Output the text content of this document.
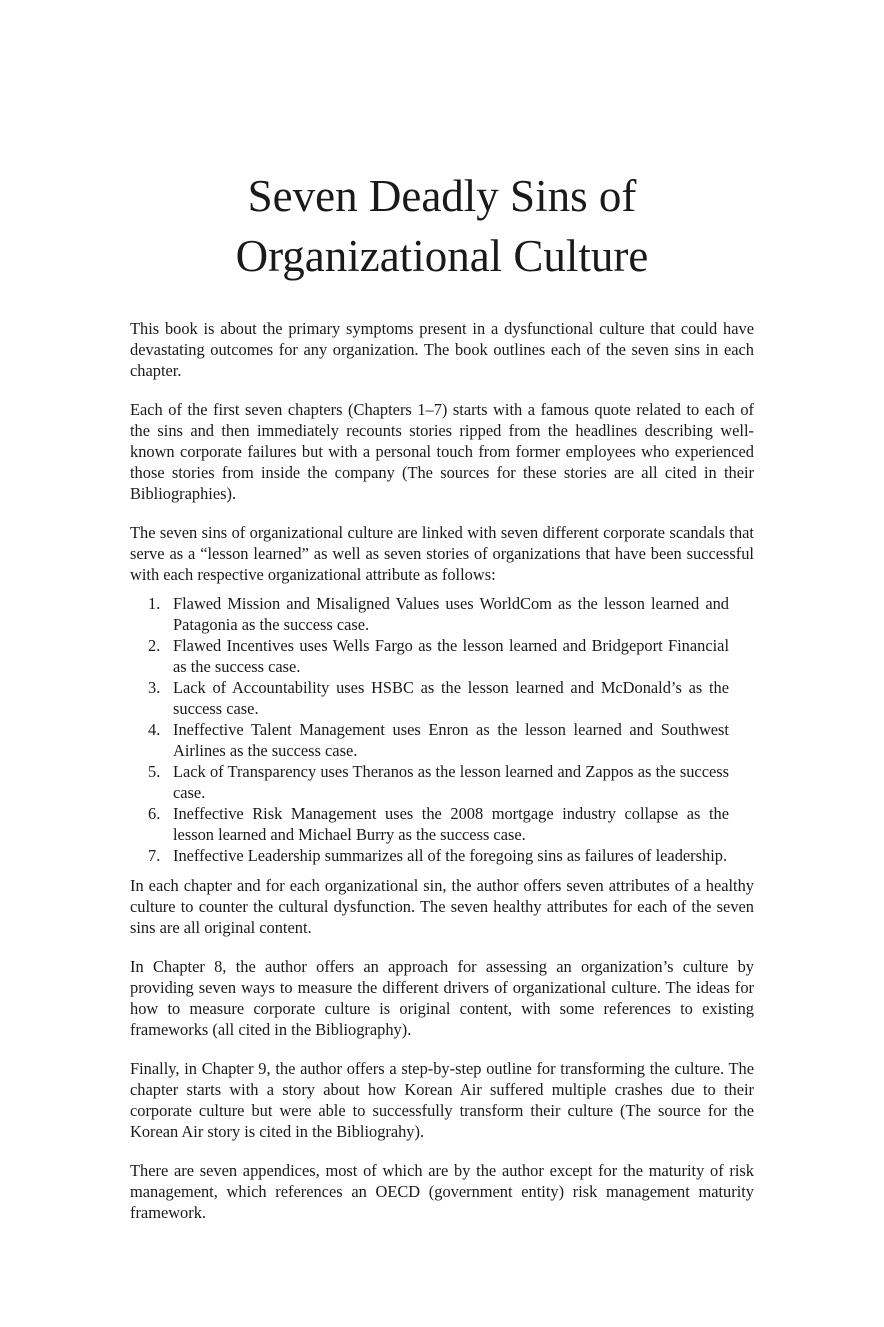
Seven Deadly Sins of
Organizational Culture

This book is about the primary symptoms present in a dysfunctional culture that could have devastating outcomes for any organization. The book outlines each of the seven sins in each chapter.

Each of the first seven chapters (Chapters 1–7) starts with a famous quote related to each of the sins and then immediately recounts stories ripped from the headlines describing well-known corporate failures but with a personal touch from former employees who experienced those stories from inside the company (The sources for these stories are all cited in their Bibliographies).

The seven sins of organizational culture are linked with seven different corporate scandals that serve as a “lesson learned” as well as seven stories of organizations that have been successful with each respective organizational attribute as follows:

1. Flawed Mission and Misaligned Values uses WorldCom as the lesson learned and Patagonia as the success case.
2. Flawed Incentives uses Wells Fargo as the lesson learned and Bridgeport Financial as the success case.
3. Lack of Accountability uses HSBC as the lesson learned and McDonald’s as the success case.
4. Ineffective Talent Management uses Enron as the lesson learned and Southwest Airlines as the success case.
5. Lack of Transparency uses Theranos as the lesson learned and Zappos as the success case.
6. Ineffective Risk Management uses the 2008 mortgage industry collapse as the lesson learned and Michael Burry as the success case.
7. Ineffective Leadership summarizes all of the foregoing sins as failures of leadership.

In each chapter and for each organizational sin, the author offers seven attributes of a healthy culture to counter the cultural dysfunction. The seven healthy attributes for each of the seven sins are all original content.

In Chapter 8, the author offers an approach for assessing an organization’s culture by providing seven ways to measure the different drivers of organizational culture. The ideas for how to measure corporate culture is original content, with some references to existing frameworks (all cited in the Bibliography).

Finally, in Chapter 9, the author offers a step-by-step outline for transforming the culture. The chapter starts with a story about how Korean Air suffered multiple crashes due to their corporate culture but were able to successfully transform their culture (The source for the Korean Air story is cited in the Bibliograhy).

There are seven appendices, most of which are by the author except for the maturity of risk management, which references an OECD (government entity) risk management maturity framework.
